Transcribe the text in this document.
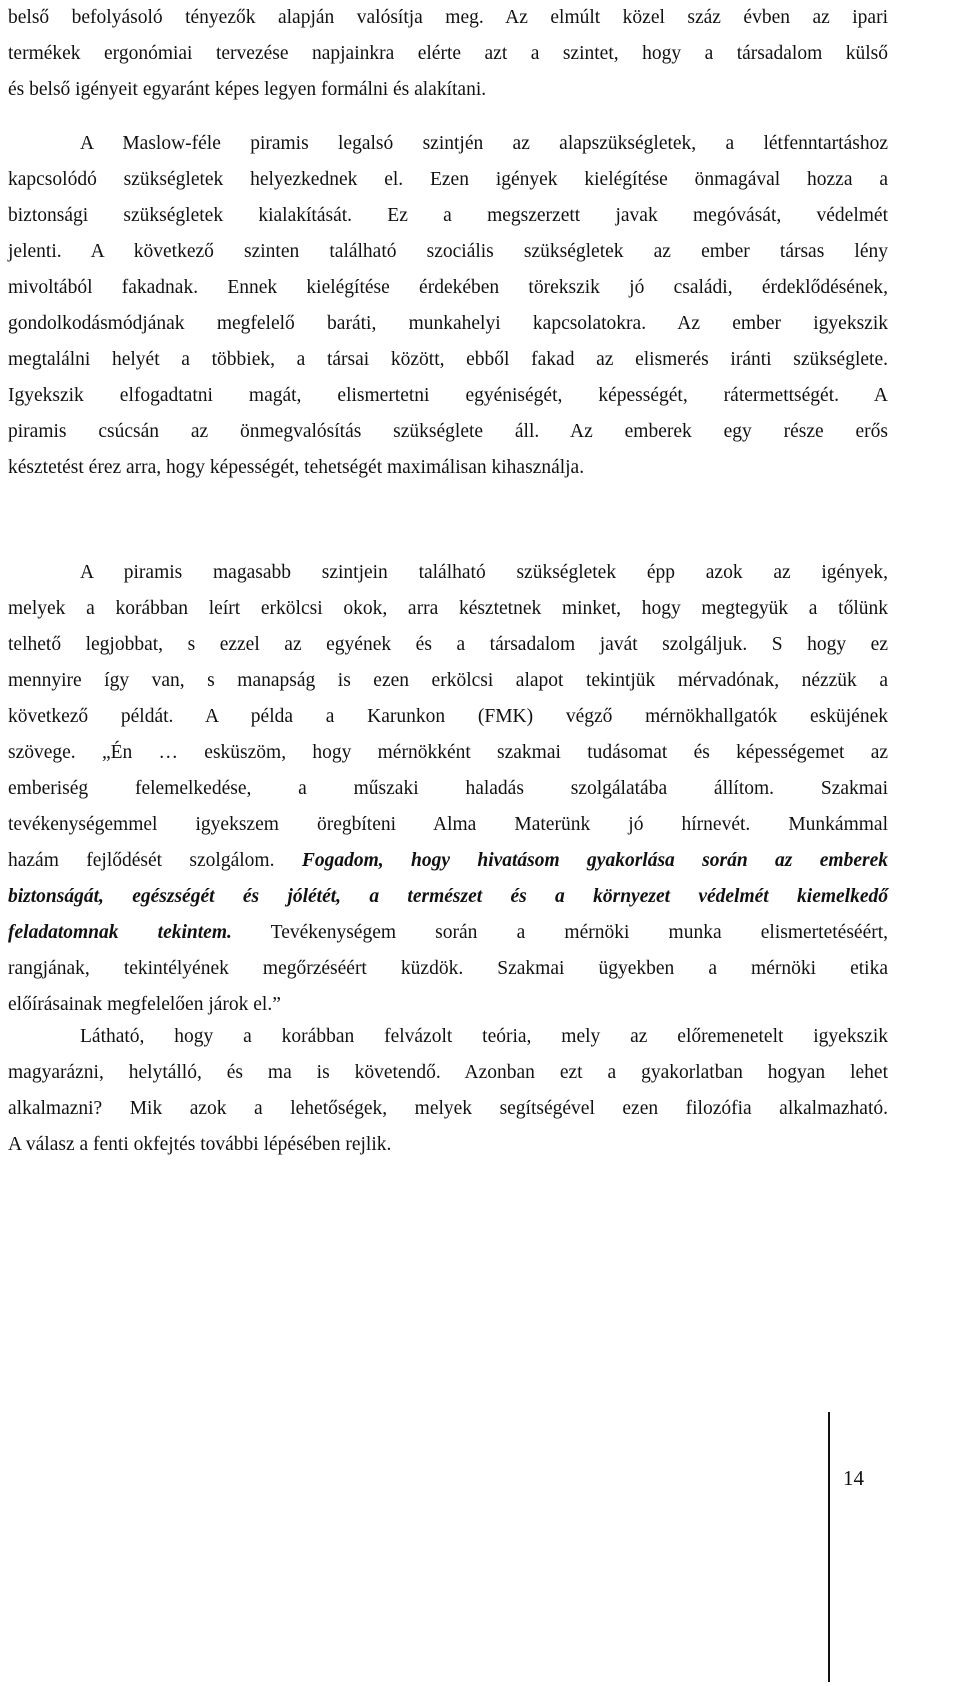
belső befolyásoló tényezők alapján valósítja meg. Az elmúlt közel száz évben az ipari
termékek ergonómiai tervezése napjainkra elérte azt a szintet, hogy a társadalom külső
és belső igényeit egyaránt képes legyen formálni és alakítani.
A Maslow-féle piramis legalsó szintjén az alapszükségletek, a létfenntartáshoz
kapcsolódó szükségletek helyezkednek el. Ezen igények kielégítése önmagával hozza a
biztonsági szükségletek kialakítását. Ez a megszerzett javak megóvását, védelmét
jelenti. A következő szinten található szociális szükségletek az ember társas lény
mivoltából fakadnak. Ennek kielégítése érdekében törekszik jó családi, érdeklődésének,
gondolkodásmódjának megfelelő baráti, munkahelyi kapcsolatokra. Az ember igyekszik
megtalálni helyét a többiek, a társai között, ebből fakad az elismerés iránti szükséglete.
Igyekszik elfogadtatni magát, elismertetni egyéniségét, képességét, rátermettségét. A
piramis csúcsán az önmegvalósítás szükséglete áll. Az emberek egy része erős
késztetést érez arra, hogy képességét, tehetségét maximálisan kihasználja.
A piramis magasabb szintjein található szükségletek épp azok az igények,
melyek a korábban leírt erkölcsi okok, arra késztetnek minket, hogy megtegyük a tőlünk
telhető legjobbat, s ezzel az egyének és a társadalom javát szolgáljuk. S hogy ez
mennyire így van, s manapság is ezen erkölcsi alapot tekintjük mérvadónak, nézzük a
következő példát. A példa a Karunkon (FMK) végző mérnökhallgatók esküjének
szövege. „Én … esküszöm, hogy mérnökként szakmai tudásomat és képességemet az
emberiség felemelkedése, a műszaki haladás szolgálatába állítom. Szakmai
tevékenységemmel igyekszem öregbíteni Alma Materünk jó hírnevét. Munkámmal
hazám fejlődését szolgálom. Fogadom, hogy hivatásom gyakorlása során az emberek
biztonságát, egészségét és jólétét, a természet és a környezet védelmét kiemelkedő
feladatomnak tekintem. Tevékenységem során a mérnöki munka elismertetéséért,
rangjának, tekintélyének megőrzéséért küzdök. Szakmai ügyekben a mérnöki etika
előírásainak megfelelően járok el.”
Látható, hogy a korábban felvázolt teória, mely az előremenetelt igyekszik
magyarázni, helytálló, és ma is követendő. Azonban ezt a gyakorlatban hogyan lehet
alkalmazni? Mik azok a lehetőségek, melyek segítségével ezen filozófia alkalmazható.
A válasz a fenti okfejtés további lépésében rejlik.
14
